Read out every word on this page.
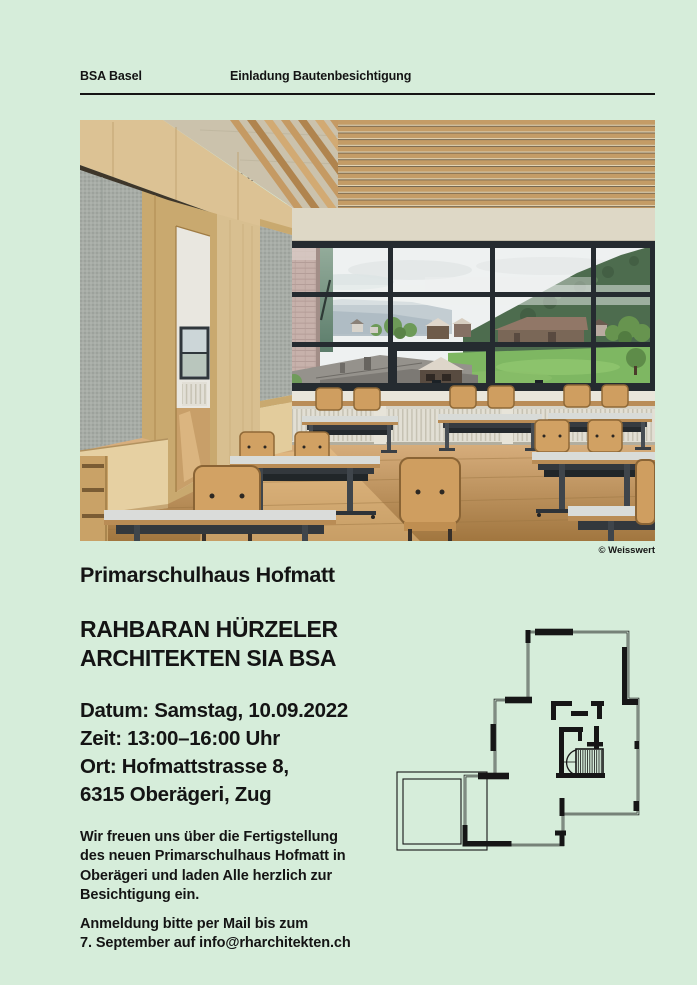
BSA Basel

	Einladung Bautenbesichtigung

© Weisswert
Primarschulhaus Hofmatt
RAHBARAN HÜRZELER
ARCHITEKTEN SIA BSA
Datum: Samstag, 10.09.2022
Zeit: 13:00–16:00 Uhr
Ort: Hofmattstrasse 8,
6315 Oberägeri, Zug

Wir freuen uns über die Fertigstellung
des neuen Primarschulhaus Hofmatt in
Oberägeri und laden Alle herzlich zur
Besichtigung ein.

Anmeldung bitte per Mail bis zum
7. September auf info@rharchitekten.ch
